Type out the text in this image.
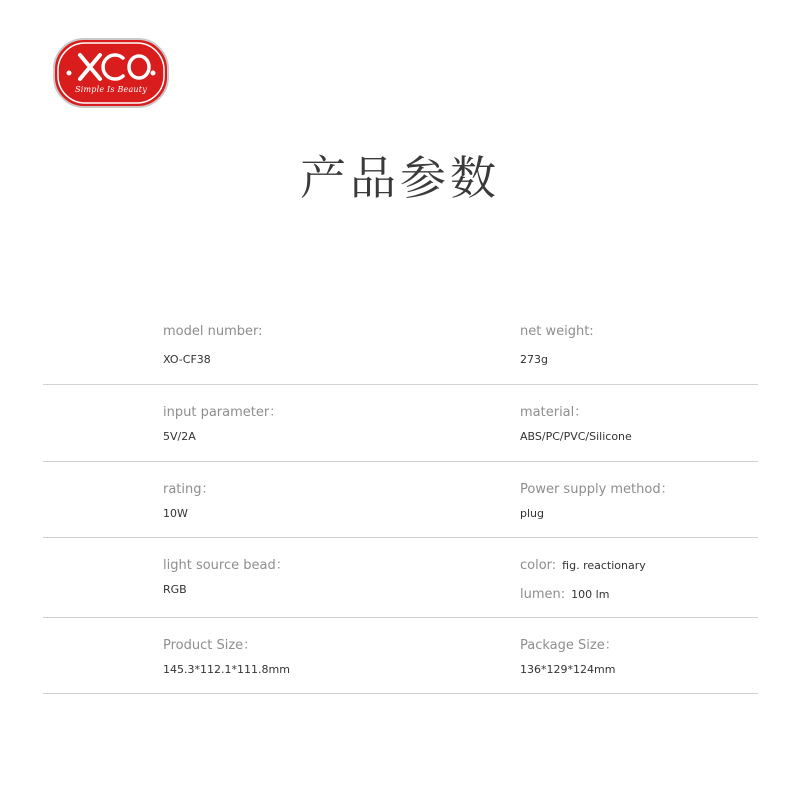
Simple Is Beauty
产品参数
model number:
XO-CF38
net weight:
273g
input parameter：
5V/2A
material：
ABS/PC/PVC/Silicone
rating：
10W
Power supply method：
plug
light source bead：
RGB
color: ﬁg. reactionary
lumen: 100 lm
Product Size：
145.3*112.1*111.8mm
Package Size：
136*129*124mm
